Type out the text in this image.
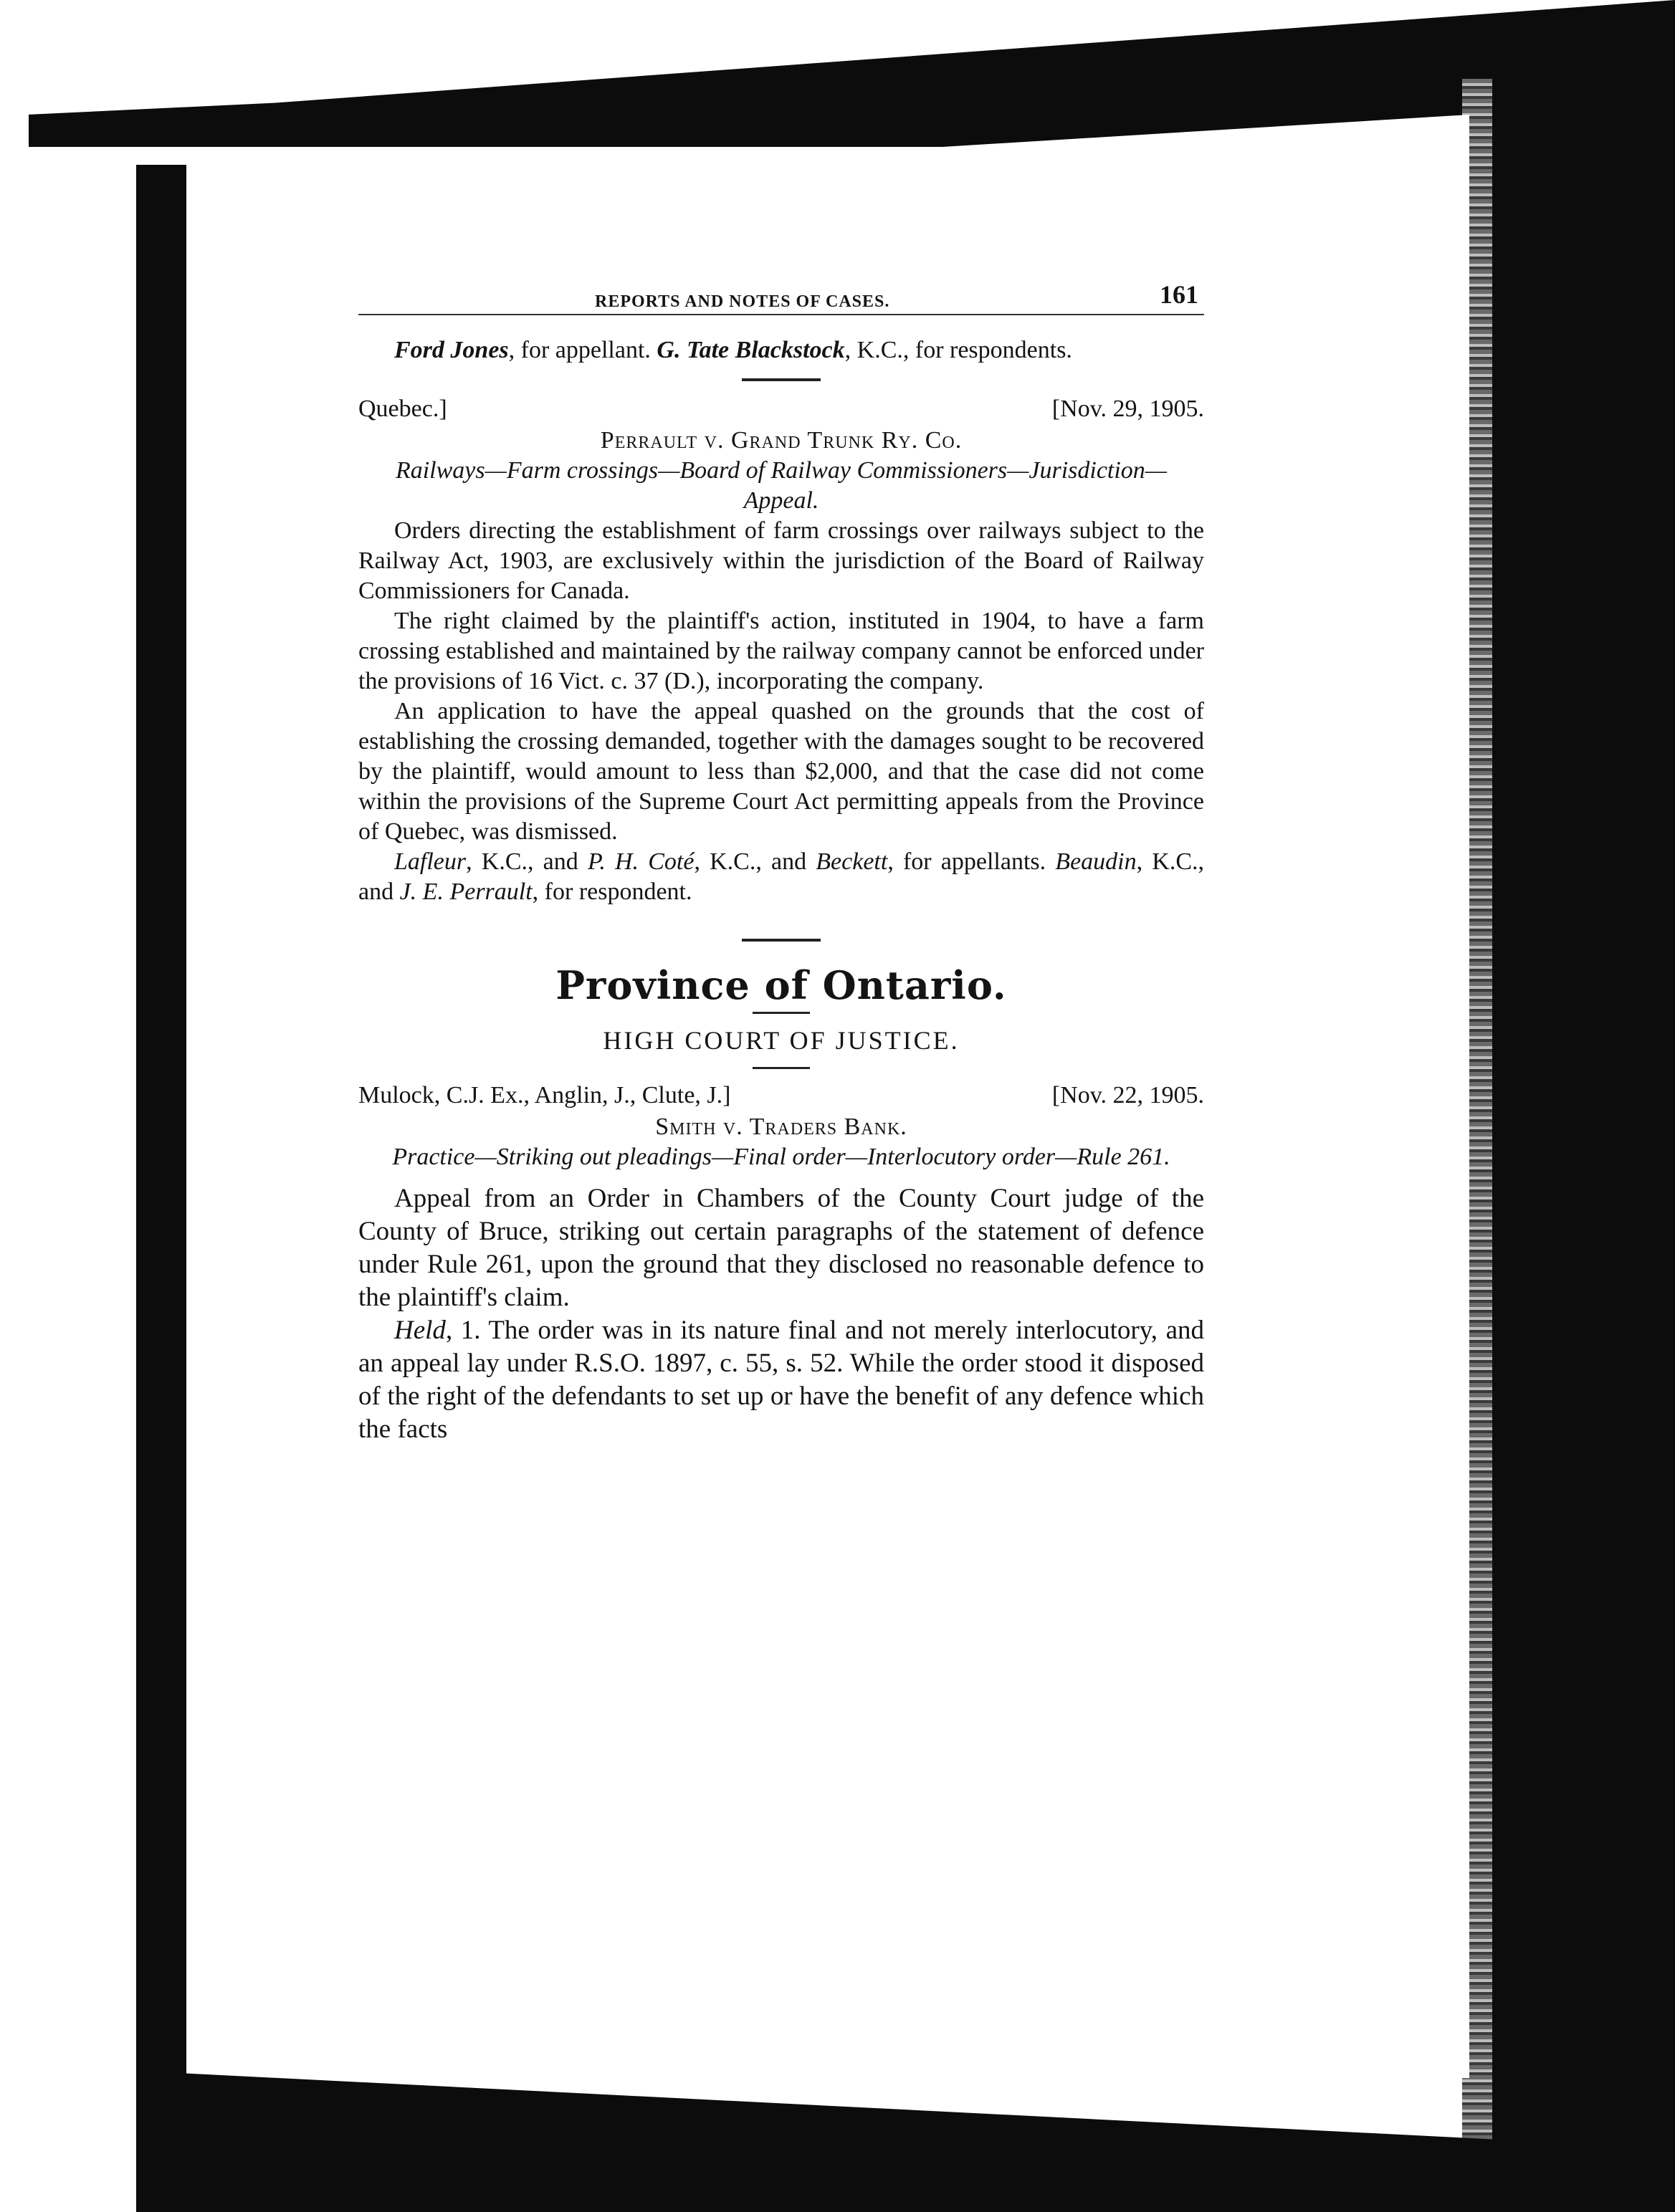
REPORTS AND NOTES OF CASES.	161

Ford Jones, for appellant. G. Tate Blackstock, K.C., for respondents.

Quebec.]	[Nov. 29, 1905.
Perrault v. Grand Trunk Ry. Co.

Railways—Farm crossings—Board of Railway Commissioners—Jurisdiction—Appeal.

Orders directing the establishment of farm crossings over railways subject to the Railway Act, 1903, are exclusively within the jurisdiction of the Board of Railway Commissioners for Canada.

The right claimed by the plaintiff's action, instituted in 1904, to have a farm crossing established and maintained by the railway company cannot be enforced under the provisions of 16 Vict. c. 37 (D.), incorporating the company.

An application to have the appeal quashed on the grounds that the cost of establishing the crossing demanded, together with the damages sought to be recovered by the plaintiff, would amount to less than $2,000, and that the case did not come within the provisions of the Supreme Court Act permitting appeals from the Province of Quebec, was dismissed.

Lafleur, K.C., and P. H. Coté, K.C., and Beckett, for appellants. Beaudin, K.C., and J. E. Perrault, for respondent.

Province of Ontario.
HIGH COURT OF JUSTICE.
Mulock, C.J. Ex., Anglin, J., Clute, J.]	[Nov. 22, 1905.
Smith v. Traders Bank.

Practice—Striking out pleadings—Final order—Interlocutory order—Rule 261.

Appeal from an Order in Chambers of the County Court judge of the County of Bruce, striking out certain paragraphs of the statement of defence under Rule 261, upon the ground that they disclosed no reasonable defence to the plaintiff's claim.

Held, 1. The order was in its nature final and not merely interlocutory, and an appeal lay under R.S.O. 1897, c. 55, s. 52. While the order stood it disposed of the right of the defendants to set up or have the benefit of any defence which the facts
